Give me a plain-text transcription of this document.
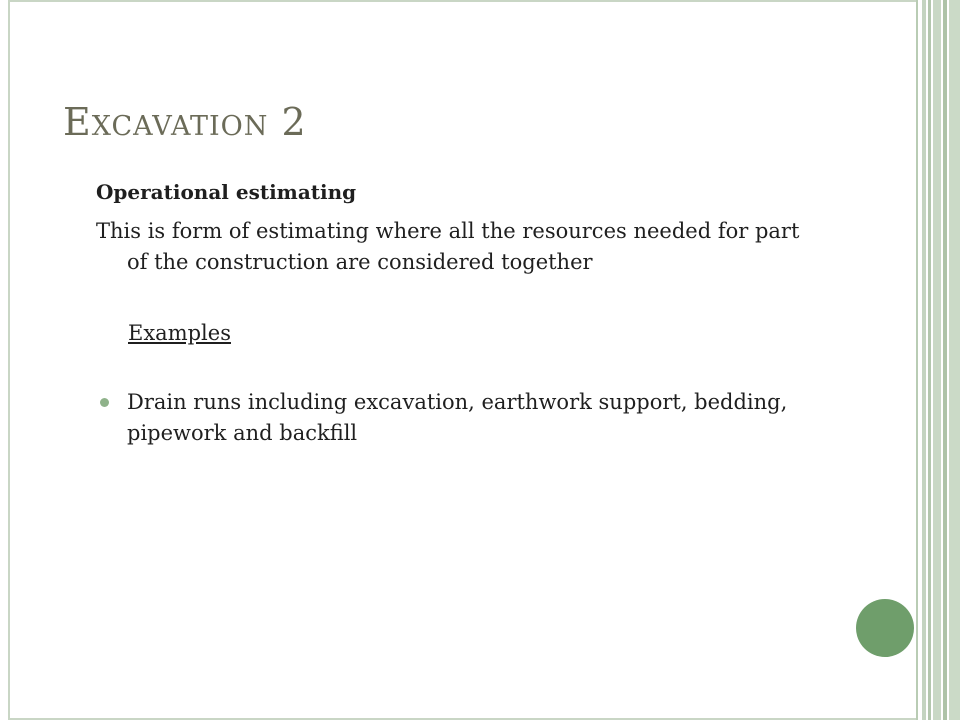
Excavation 2

Operational estimating

This is form of estimating where all the resources needed for part of the construction are considered together

Examples

Drain runs including excavation, earthwork support, bedding, pipework and backfill
